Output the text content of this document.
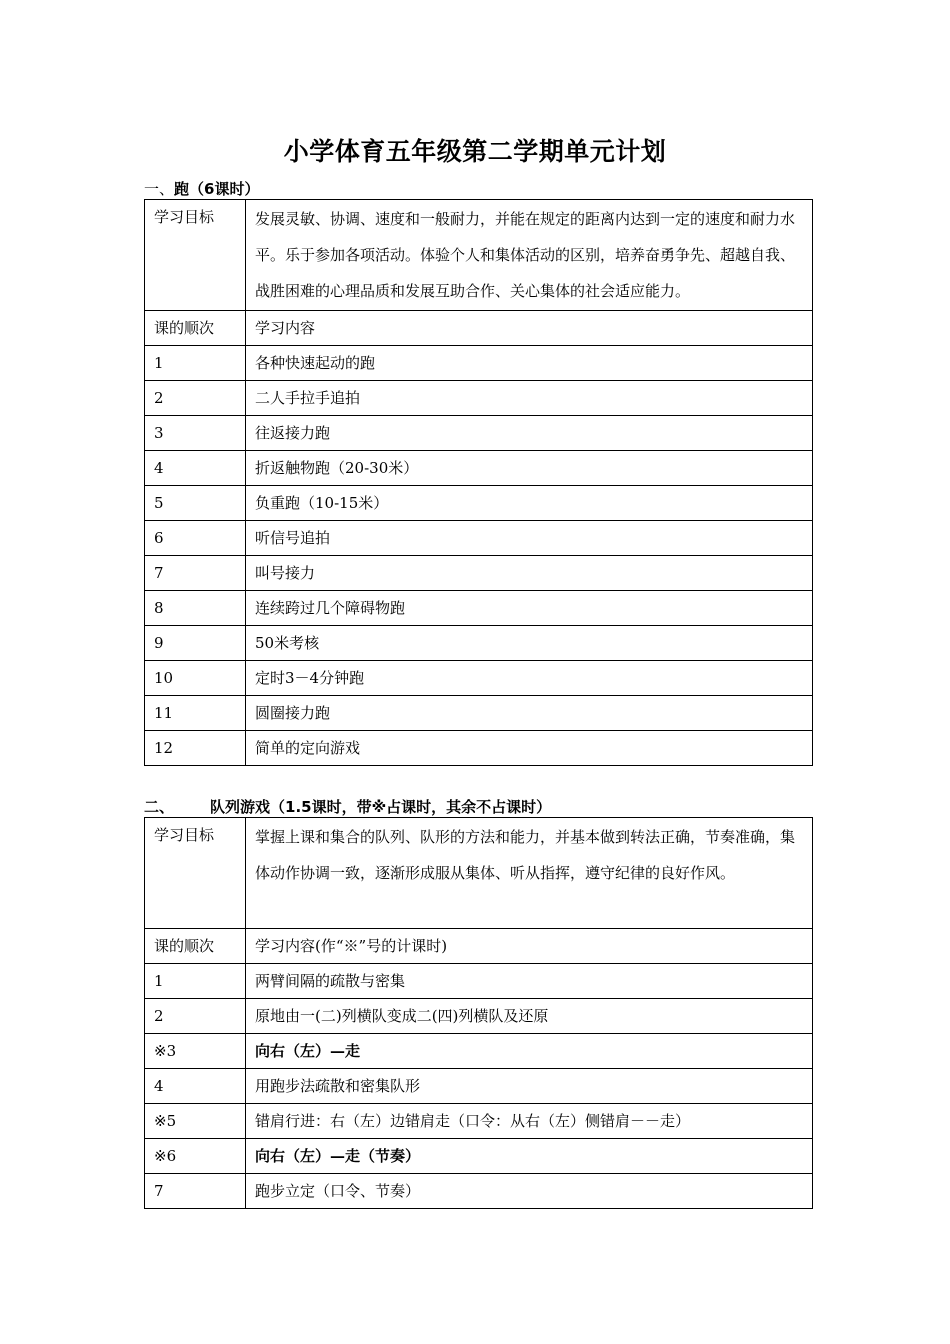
小学体育五年级第二学期单元计划
一、跑（6课时）
学习目标	发展灵敏、协调、速度和一般耐力，并能在规定的距离内达到一定的速度和耐力水平。乐于参加各项活动。体验个人和集体活动的区别，培养奋勇争先、超越自我、战胜困难的心理品质和发展互助合作、关心集体的社会适应能力。
课的顺次	学习内容
1	各种快速起动的跑
2	二人手拉手追拍
3	往返接力跑
4	折返触物跑（20-30米）
5	负重跑（10-15米）
6	听信号追拍
7	叫号接力
8	连续跨过几个障碍物跑
9	50米考核
10	定时3－4分钟跑
11	圆圈接力跑
12	简单的定向游戏
二、 队列游戏（1.5课时，带※占课时，其余不占课时）
学习目标	掌握上课和集合的队列、队形的方法和能力，并基本做到转法正确，节奏准确，集体动作协调一致，逐渐形成服从集体、听从指挥，遵守纪律的良好作风。
课的顺次	学习内容(作“※”号的计课时)
1	两臂间隔的疏散与密集
2	原地由一(二)列横队变成二(四)列横队及还原
※3	向右（左）—走
4	用跑步法疏散和密集队形
※5	错肩行进：右（左）边错肩走（口令：从右（左）侧错肩－－走）
※6	向右（左）—走（节奏）
7	跑步立定（口令、节奏）
